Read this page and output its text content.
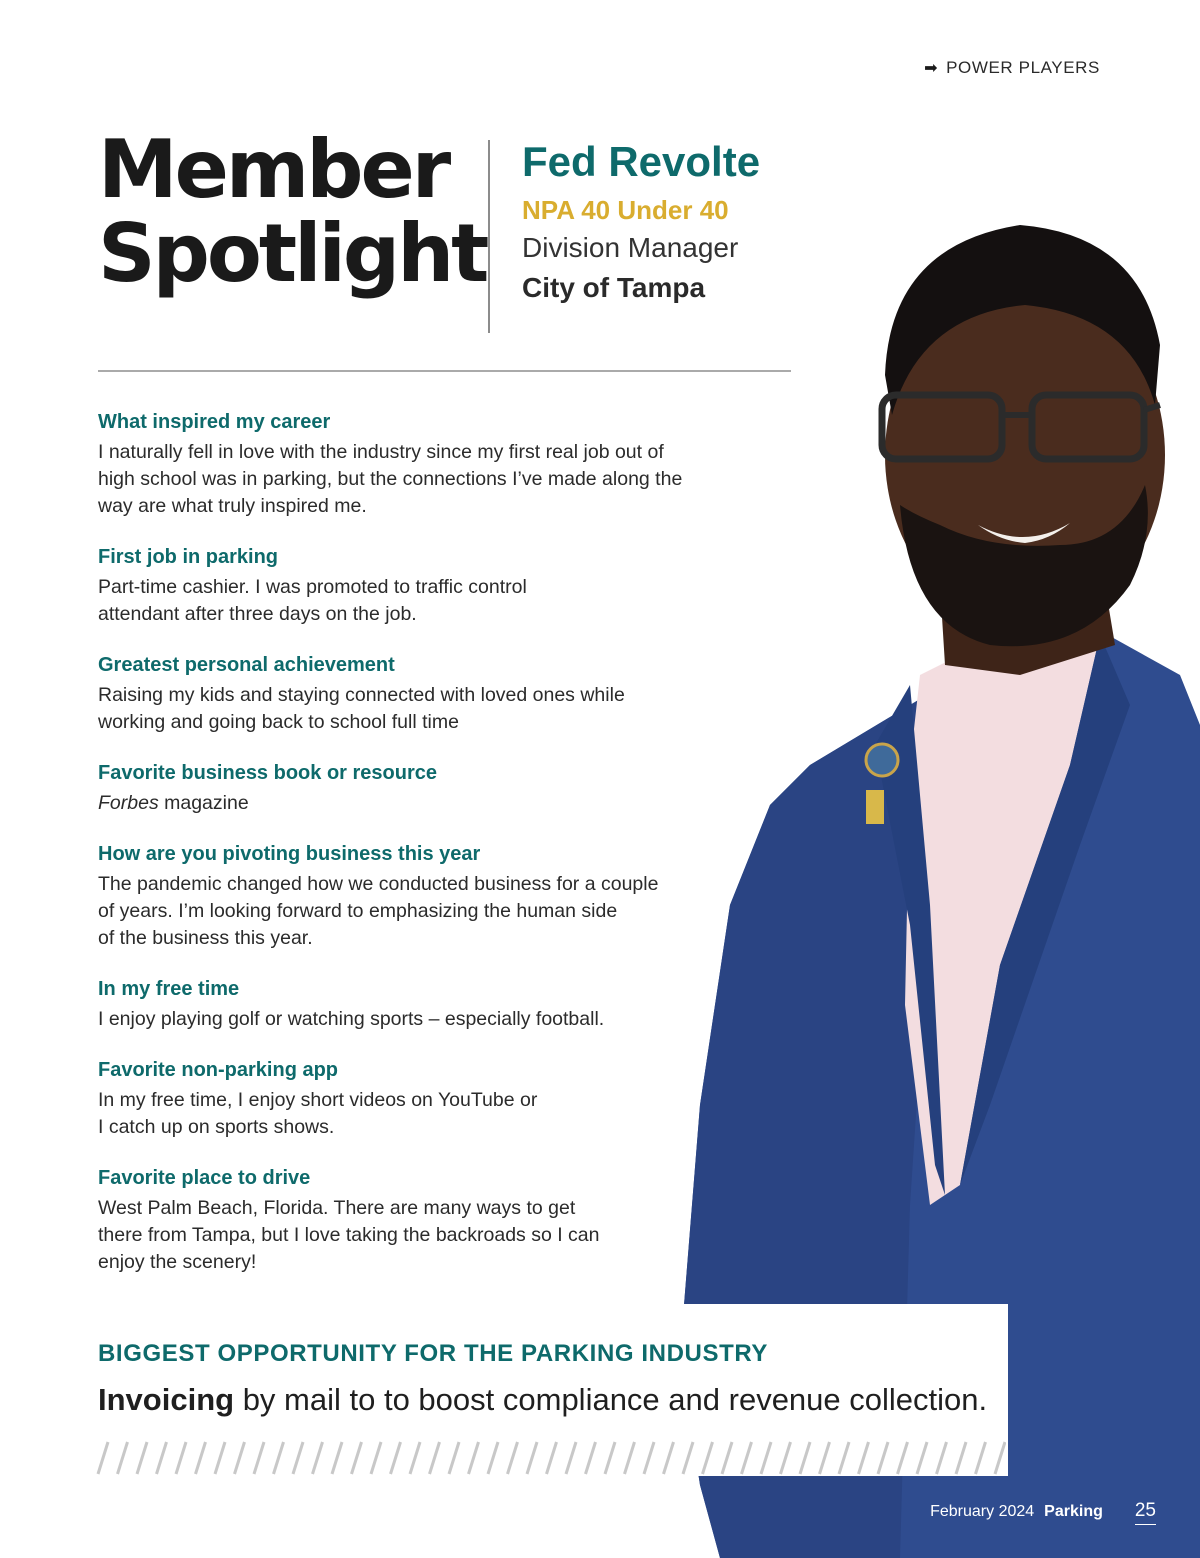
➡ POWER PLAYERS
Member
Spotlight
Fed Revolte
NPA 40 Under 40
Division Manager
City of Tampa
What inspired my career

I naturally fell in love with the industry since my first real job out of
high school was in parking, but the connections I’ve made along the
way are what truly inspired me.

First job in parking

Part-time cashier. I was promoted to traffic control
attendant after three days on the job.

Greatest personal achievement

Raising my kids and staying connected with loved ones while
working and going back to school full time

Favorite business book or resource

Forbes magazine

How are you pivoting business this year

The pandemic changed how we conducted business for a couple
of years. I’m looking forward to emphasizing the human side
of the business this year.

In my free time

I enjoy playing golf or watching sports – especially football.

Favorite non-parking app

In my free time, I enjoy short videos on YouTube or
I catch up on sports shows.

Favorite place to drive

West Palm Beach, Florida. There are many ways to get
there from Tampa, but I love taking the backroads so I can
enjoy the scenery!

BIGGEST OPPORTUNITY FOR THE PARKING INDUSTRY
Invoicing by mail to to boost compliance and revenue collection.
February 2024 Parking 25
